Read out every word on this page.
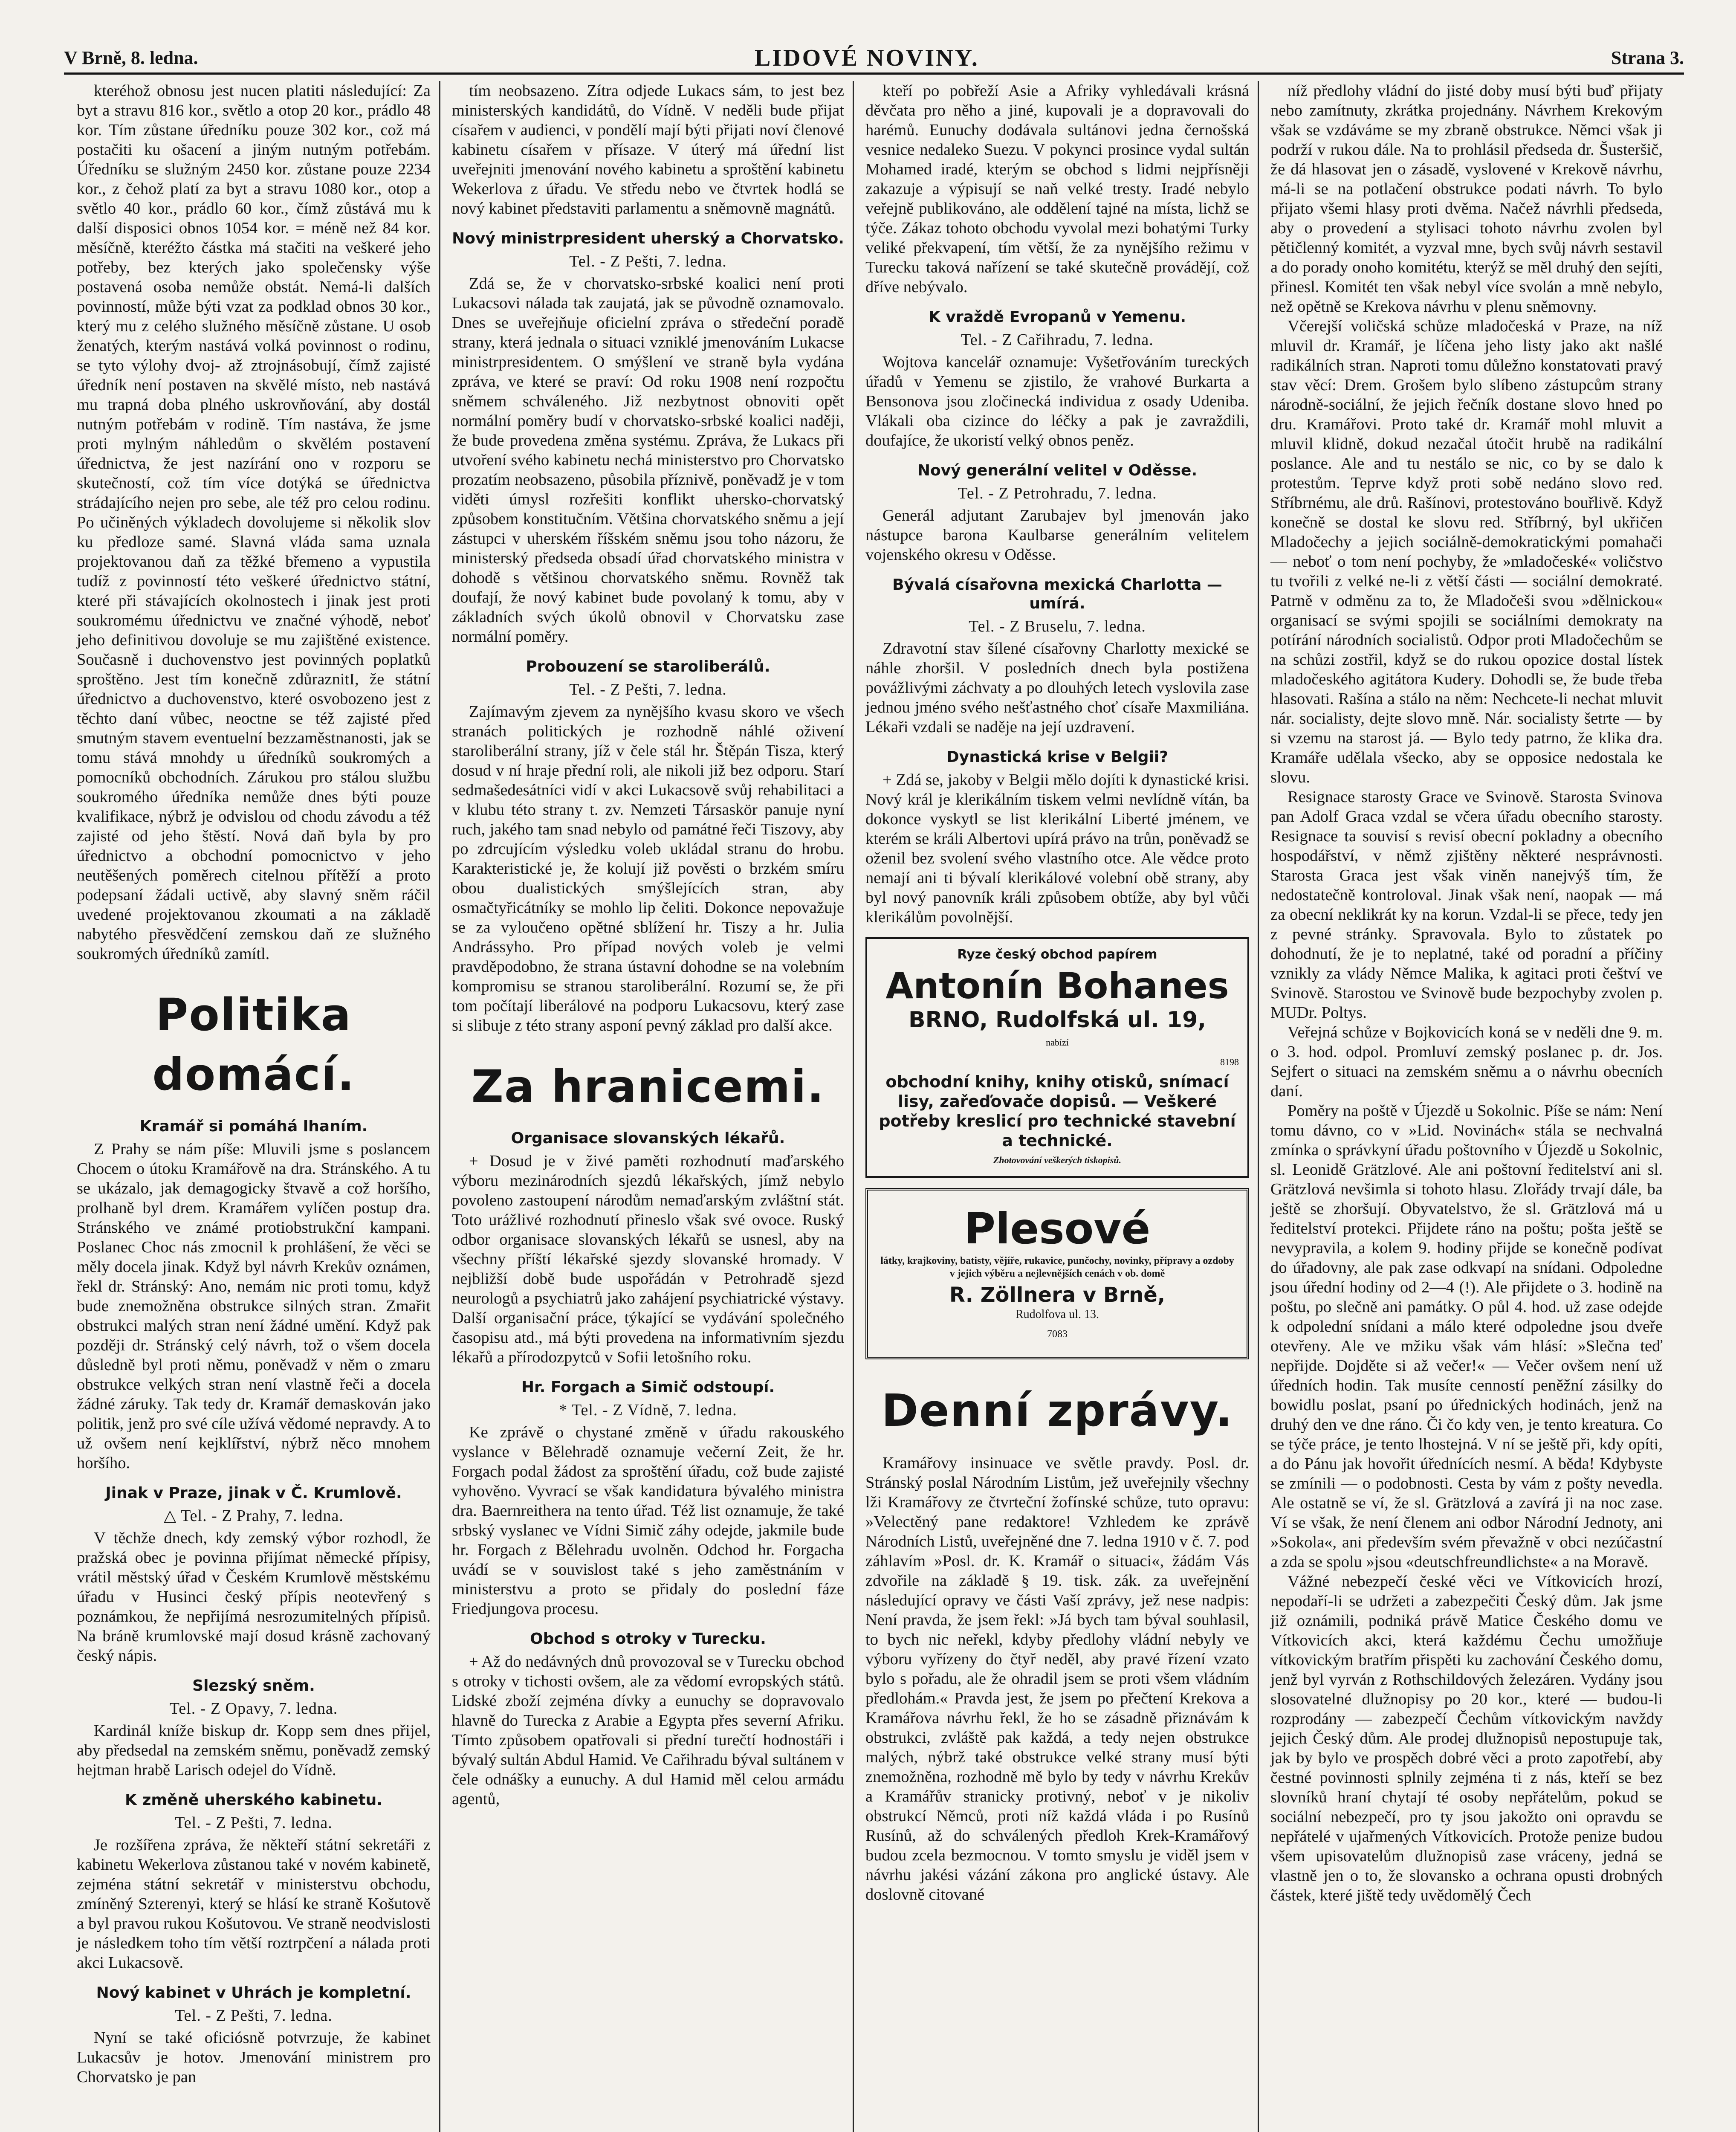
V Brně, 8. ledna.	LIDOVÉ NOVINY.	Strana 3.

kteréhož obnosu jest nucen platiti následující: Za byt a stravu 816 kor., světlo a otop 20 kor., prádlo 48 kor. Tím zůstane úředníku pouze 302 kor., což má postačiti ku ošacení a jiným nutným potřebám. Úředníku se služným 2450 kor. zůstane pouze 2234 kor., z čehož platí za byt a stravu 1080 kor., otop a světlo 40 kor., prádlo 60 kor., čímž zůstává mu k další disposici obnos 1054 kor. = méně než 84 kor. měsíčně, kteréžto částka má stačiti na veškeré jeho potřeby, bez kterých jako společensky výše postavená osoba nemůže obstát. Nemá-li dalších povinností, může býti vzat za podklad obnos 30 kor., který mu z celého služného měsíčně zůstane. U osob ženatých, kterým nastává volká povinnost o rodinu, se tyto výlohy dvoj- až ztrojnásobují, čímž zajisté úředník není postaven na skvělé místo, neb nastává mu trapná doba plného uskrovňování, aby dostál nutným potřebám v rodině. Tím nastáva, že jsme proti mylným náhledům o skvělém postavení úřednictva, že jest nazírání ono v rozporu se skutečností, což tím více dotýká se úřednictva strádajícího nejen pro sebe, ale též pro celou rodinu. Po učiněných výkladech dovolujeme si několik slov ku předloze samé. Slavná vláda sama uznala projektovanou daň za těžké břemeno a vypustila tudíž z povinností této veškeré úřednictvo státní, které při stávajících okolnostech i jinak jest proti soukromému úřednictvu ve značné výhodě, neboť jeho definitivou dovoluje se mu zajištěné existence. Současně i duchovenstvo jest povinných poplatků sproštěno. Jest tím konečně zdůraznitI, že státní úřednictvo a duchovenstvo, které osvobozeno jest z těchto daní vůbec, neoctne se též zajisté před smutným stavem eventuelní bezzaměstnanosti, jak se tomu stává mnohdy u úředníků soukromých a pomocníků obchodních. Zárukou pro stálou službu soukromého úředníka nemůže dnes býti pouze kvalifikace, nýbrž je odvislou od chodu závodu a též zajisté od jeho štěstí. Nová daň byla by pro úřednictvo a obchodní pomocnictvo v jeho neutěšených poměrech citelnou přítěží a proto podepsaní žádali uctivě, aby slavný sněm ráčil uvedené projektovanou zkoumati a na základě nabytého přesvědčení zemskou daň ze služného soukromých úředníků zamítl.

Politika domácí.
Kramář si pomáhá lhaním.

Z Prahy se nám píše: Mluvili jsme s poslancem Chocem o útoku Kramářově na dra. Stránského. A tu se ukázalo, jak demagogicky štvavě a což horšího, prolhaně byl drem. Kramářem vylíčen postup dra. Stránského ve známé protiobstrukční kampani. Poslanec Choc nás zmocnil k prohlášení, že věci se měly docela jinak. Když byl návrh Krekův oznámen, řekl dr. Stránský: Ano, nemám nic proti tomu, když bude znemožněna obstrukce silných stran. Zmařit obstrukci malých stran není žádné umění. Když pak později dr. Stránský celý návrh, tož o všem docela důsledně byl proti němu, poněvadž v něm o zmaru obstrukce velkých stran není vlastně řeči a docela žádné záruky. Tak tedy dr. Kramář demaskován jako politik, jenž pro své cíle užívá vědomé nepravdy. A to už ovšem není kejklířství, nýbrž něco mnohem horšího.

Jinak v Praze, jinak v Č. Krumlově.
△ Tel. - Z Prahy, 7. ledna.

V těchže dnech, kdy zemský výbor rozhodl, že pražská obec je povinna přijímat německé přípisy, vrátil městský úřad v Českém Krumlově městskému úřadu v Husinci český přípis neotevřený s poznámkou, že nepřijímá nesrozumitelných přípisů. Na bráně krumlovské mají dosud krásně zachovaný český nápis.

Slezský sněm.
Tel. - Z Opavy, 7. ledna.

Kardinál kníže biskup dr. Kopp sem dnes přijel, aby předsedal na zemském sněmu, poněvadž zemský hejtman hrabě Larisch odejel do Vídně.

K změně uherského kabinetu.
Tel. - Z Pešti, 7. ledna.

Je rozšířena zpráva, že někteří státní sekretáři z kabinetu Wekerlova zůstanou také v novém kabinetě, zejména státní sekretář v ministerstvu obchodu, zmíněný Szterenyi, který se hlásí ke straně Košutově a byl pravou rukou Košutovou. Ve straně neodvislosti je následkem toho tím větší roztrpčení a nálada proti akci Lukacsově.

Nový kabinet v Uhrách je kompletní.
Tel. - Z Pešti, 7. ledna.

Nyní se také oficiósně potvrzuje, že kabinet Lukacsův je hotov. Jmenování ministrem pro Chorvatsko je pan

tím neobsazeno. Zítra odjede Lukacs sám, to jest bez ministerských kandidátů, do Vídně. V neděli bude přijat císařem v audienci, v pondělí mají býti přijati noví členové kabinetu císařem v přísaze. V úterý má úřední list uveřejniti jmenování nového kabinetu a sproštění kabinetu Wekerlova z úřadu. Ve středu nebo ve čtvrtek hodlá se nový kabinet představiti parlamentu a sněmovně magnátů.

Nový ministrpresident uherský a Chorvatsko.
Tel. - Z Pešti, 7. ledna.

Zdá se, že v chorvatsko-srbské koalici není proti Lukacsovi nálada tak zaujatá, jak se původně oznamovalo. Dnes se uveřejňuje oficielní zpráva o středeční poradě strany, která jednala o situaci vzniklé jmenováním Lukacse ministrpresidentem. O smýšlení ve straně byla vydána zpráva, ve které se praví: Od roku 1908 není rozpočtu sněmem schváleného. Již nezbytnost obnoviti opět normální poměry budí v chorvatsko-srbské koalici naději, že bude provedena změna systému. Zpráva, že Lukacs při utvoření svého kabinetu nechá ministerstvo pro Chorvatsko prozatím neobsazeno, působila příznivě, poněvadž je v tom viděti úmysl rozřešiti konflikt uhersko-chorvatský způsobem konstitučním. Většina chorvatského sněmu a její zástupci v uherském říšském sněmu jsou toho názoru, že ministerský předseda obsadí úřad chorvatského ministra v dohodě s většinou chorvatského sněmu. Rovněž tak doufají, že nový kabinet bude povolaný k tomu, aby v základních svých úkolů obnovil v Chorvatsku zase normální poměry.

Probouzení se staroliberálů.
Tel. - Z Pešti, 7. ledna.

Zajímavým zjevem za nynějšího kvasu skoro ve všech stranách politických je rozhodně náhlé oživení staroliberální strany, jíž v čele stál hr. Štěpán Tisza, který dosud v ní hraje přední roli, ale nikoli již bez odporu. Starí sedmašedesátníci vidí v akci Lukacsově svůj rehabilitaci a v klubu této strany t. zv. Nemzeti Társaskör panuje nyní ruch, jakého tam snad nebylo od památné řeči Tiszovy, aby po zdrcujícím výsledku voleb ukládal stranu do hrobu. Karakteristické je, že kolují již pověsti o brzkém smíru obou dualistických smýšlejících stran, aby osmačtyřicátníky se mohlo lip čeliti. Dokonce nepovažuje se za vyloučeno opětné sblížení hr. Tiszy a hr. Julia Andrássyho. Pro případ nových voleb je velmi pravděpodobno, že strana ústavní dohodne se na volebním kompromisu se stranou staroliberální. Rozumí se, že při tom počítají liberálové na podporu Lukacsovu, který zase si slibuje z této strany asponí pevný základ pro další akce.

Za hranicemi.
Organisace slovanských lékařů.

+ Dosud je v živé paměti rozhodnutí maďarského výboru mezinárodních sjezdů lékařských, jímž nebylo povoleno zastoupení národům nemaďarským zvláštní stát. Toto urážlivé rozhodnutí přineslo však své ovoce. Ruský odbor organisace slovanských lékařů se usnesl, aby na všechny příští lékařské sjezdy slovanské hromady. V nejbližší době bude uspořádán v Petrohradě sjezd neurologů a psychiatrů jako zahájení psychiatrické výstavy. Další organisační práce, týkající se vydávání společného časopisu atd., má býti provedena na informativním sjezdu lékařů a přírodozpytců v Sofii letošního roku.

Hr. Forgach a Simič odstoupí.
* Tel. - Z Vídně, 7. ledna.

Ke zprávě o chystané změně v úřadu rakouského vyslance v Bělehradě oznamuje večerní Zeit, že hr. Forgach podal žádost za sproštění úřadu, což bude zajisté vyhověno. Vyvrací se však kandidatura bývalého ministra dra. Baernreithera na tento úřad. Též list oznamuje, že také srbský vyslanec ve Vídni Simič záhy odejde, jakmile bude hr. Forgach z Bělehradu uvolněn. Odchod hr. Forgacha uvádí se v souvislost také s jeho zaměstnáním v ministerstvu a proto se přidaly do poslední fáze Friedjungova procesu.

Obchod s otroky v Turecku.

+ Až do nedávných dnů provozoval se v Turecku obchod s otroky v tichosti ovšem, ale za vědomí evropských států. Lidské zboží zejména dívky a eunuchy se dopravovalo hlavně do Turecka z Arabie a Egypta přes severní Afriku. Tímto způsobem opatřovali si přední turečtí hodnostáři i bývalý sultán Abdul Hamid. Ve Cařihradu býval sultánem v čele odnášky a eunuchy. A dul Hamid měl celou armádu agentů,

kteří po pobřeží Asie a Afriky vyhledávali krásná děvčata pro něho a jiné, kupovali je a dopravovali do harémů. Eunuchy dodávala sultánovi jedna černošská vesnice nedaleko Suezu. V pokynci prosince vydal sultán Mohamed iradé, kterým se obchod s lidmi nejpřísněji zakazuje a výpisují se naň velké tresty. Iradé nebylo veřejně publikováno, ale oddělení tajné na místa, lichž se týče. Zákaz tohoto obchodu vyvolal mezi bohatými Turky veliké překvapení, tím větší, že za nynějšího režimu v Turecku taková nařízení se také skutečně provádějí, což dříve nebývalo.

K vraždě Evropanů v Yemenu.
Tel. - Z Cařihradu, 7. ledna.

Wojtova kancelář oznamuje: Vyšetřováním tureckých úřadů v Yemenu se zjistilo, že vrahové Burkarta a Bensonova jsou zločinecká individua z osady Udeniba. Vlákali oba cizince do léčky a pak je zavraždili, doufajíce, že ukoristí velký obnos peněz.

Nový generální velitel v Oděsse.
Tel. - Z Petrohradu, 7. ledna.

Generál adjutant Zarubajev byl jmenován jako nástupce barona Kaulbarse generálním velitelem vojenského okresu v Oděsse.

Bývalá císařovna mexická Charlotta — umírá.
Tel. - Z Bruselu, 7. ledna.

Zdravotní stav šílené císařovny Charlotty mexické se náhle zhoršil. V posledních dnech byla postižena povážlivými záchvaty a po dlouhých letech vyslovila zase jednou jméno svého nešťastného choť císaře Maxmiliána. Lékaři vzdali se naděje na její uzdravení.

Dynastická krise v Belgii?

+ Zdá se, jakoby v Belgii mělo dojíti k dynastické krisi. Nový král je klerikálním tiskem velmi nevlídně vítán, ba dokonce vyskytl se list klerikální Liberté jménem, ve kterém se králi Albertovi upírá právo na trůn, poněvadž se oženil bez svolení svého vlastního otce. Ale vědce proto nemají ani ti bývalí klerikálové volební obě strany, aby byl nový panovník králi způsobem obtíže, aby byl vůči klerikálům povolnější.

Ryze český obchod papírem
Antonín Bohanes
BRNO, Rudolfská ul. 19,
nabízí
8198
obchodní knihy, knihy otisků, snímací lisy, zařeďovače dopisů. — Veškeré potřeby kreslicí pro technické stavební a technické.
Zhotovování veškerých tiskopisů.
Plesové
látky, krajkoviny, batisty, vějíře, rukavice, punčochy, novinky, přípravy a ozdoby v jejich výběru a nejlevnějších cenách v ob. domě
R. Zöllnera v Brně,
Rudolfova ul. 13.
7083
Denní zprávy.

Kramářovy insinuace ve světle pravdy. Posl. dr. Stránský poslal Národním Listům, jež uveřejnily všechny lži Kramářovy ze čtvrteční žofínské schůze, tuto opravu: »Velectěný pane redaktore! Vzhledem ke zprávě Národních Listů, uveřejněné dne 7. ledna 1910 v č. 7. pod záhlavím »Posl. dr. K. Kramář o situaci«, žádám Vás zdvořile na základě § 19. tisk. zák. za uveřejnění následující opravy ve části Vaší zprávy, jež nese nadpis: Není pravda, že jsem řekl: »Já bych tam býval souhlasil, to bych nic neřekl, kdyby předlohy vládní nebyly ve výboru vyřízeny do čtyř neděl, aby pravé řízení vzato bylo s pořadu, ale že ohradil jsem se proti všem vládním předlohám.« Pravda jest, že jsem po přečtení Krekova a Kramářova návrhu řekl, že ho se zásadně přiznávám k obstrukci, zvláště pak každá, a tedy nejen obstrukce malých, nýbrž také obstrukce velké strany musí býti znemožněna, rozhodně mě bylo by tedy v návrhu Krekův a Kramářův stranicky protivný, neboť v je nikoliv obstrukcí Němců, proti níž každá vláda i po Rusínů Rusínů, až do schválených předloh Krek-Kramářový budou zcela bezmocnou. V tomto smyslu je viděl jsem v návrhu jakési vázání zákona pro anglické ústavy. Ale doslovně citované

níž předlohy vládní do jisté doby musí býti buď přijaty nebo zamítnuty, zkrátka projednány. Návrhem Krekovým však se vzdáváme se my zbraně obstrukce. Němci však ji podrží v rukou dále. Na to prohlásil předseda dr. Šusteršič, že dá hlasovat jen o zásadě, vyslovené v Krekově návrhu, má-li se na potlačení obstrukce podati návrh. To bylo přijato všemi hlasy proti dvěma. Načež návrhli předseda, aby o provedení a stylisaci tohoto návrhu zvolen byl pětičlenný komitét, a vyzval mne, bych svůj návrh sestavil a do porady onoho komitétu, kterýž se měl druhý den sejíti, přinesl. Komitét ten však nebyl více svolán a mně nebylo, než opětně se Krekova návrhu v plenu sněmovny.

Včerejší voličská schůze mladočeská v Praze, na níž mluvil dr. Kramář, je líčena jeho listy jako akt našlé radikálních stran. Naproti tomu důležno konstatovati pravý stav věcí: Drem. Grošem bylo slíbeno zástupcům strany národně-sociální, že jejich řečník dostane slovo hned po dru. Kramářovi. Proto také dr. Kramář mohl mluvit a mluvil klidně, dokud nezačal útočit hrubě na radikální poslance. Ale and tu nestálo se nic, co by se dalo k protestům. Teprve když proti sobě nedáno slovo red. Stříbrnému, ale drů. Rašínovi, protestováno bouřlivě. Když konečně se dostal ke slovu red. Stříbrný, byl ukřičen Mladočechy a jejich sociálně-demokratickými pomahači — neboť o tom není pochyby, že »mladočeské« voličstvo tu tvořili z velké ne-li z větší části — sociální demokraté. Patrně v odměnu za to, že Mladočeši svou »dělnickou« organisací se svými spojili se sociálními demokraty na potírání národních socialistů. Odpor proti Mladočechům se na schůzi zostřil, když se do rukou opozice dostal lístek mladočeského agitátora Kudery. Dohodli se, že bude třeba hlasovati. Rašína a stálo na něm: Nechcete-li nechat mluvit nár. socialisty, dejte slovo mně. Nár. socialisty šetrte — by si vzemu na starost já. — Bylo tedy patrno, že klika dra. Kramáře udělala všecko, aby se opposice nedostala ke slovu.

Resignace starosty Grace ve Svinově. Starosta Svinova pan Adolf Graca vzdal se včera úřadu obecního starosty. Resignace ta souvisí s revisí obecní pokladny a obecního hospodářství, v němž zjištěny některé nesprávnosti. Starosta Graca jest však viněn nanejvýš tím, že nedostatečně kontroloval. Jinak však není, naopak — má za obecní neklikrát ky na korun. Vzdal-li se přece, tedy jen z pevné stránky. Spravovala. Bylo to zůstatek po dohodnutí, že je to neplatné, také od poradní a příčiny vznikly za vlády Němce Malika, k agitaci proti češtví ve Svinově. Starostou ve Svinově bude bezpochyby zvolen p. MUDr. Poltys.

Veřejná schůze v Bojkovicích koná se v neděli dne 9. m. o 3. hod. odpol. Promluví zemský poslanec p. dr. Jos. Sejfert o situaci na zemském sněmu a o návrhu obecních daní.

Poměry na poště v Újezdě u Sokolnic. Píše se nám: Není tomu dávno, co v »Lid. Novinách« stála se nechvalná zmínka o správkyní úřadu poštovního v Újezdě u Sokolnic, sl. Leonidě Grätzlové. Ale ani poštovní ředitelství ani sl. Grätzlová nevšimla si tohoto hlasu. Zlořády trvají dále, ba ještě se zhoršují. Obyvatelstvo, že sl. Grätzlová má u ředitelství protekci. Přijdete ráno na poštu; pošta ještě se nevypravila, a kolem 9. hodiny přijde se konečně podívat do úřadovny, ale pak zase odkvapí na snídani. Odpoledne jsou úřední hodiny od 2—4 (!). Ale přijdete o 3. hodině na poštu, po slečně ani památky. O půl 4. hod. už zase odejde k odpolední snídani a málo které odpoledne jsou dveře otevřeny. Ale ve mžiku však vám hlásí: »Slečna teď nepřijde. Dojděte si až večer!« — Večer ovšem není už úředních hodin. Tak musíte cenností peněžní zásilky do bowidlu poslat, psaní po úřednických hodinách, jenž na druhý den ve dne ráno. Či čo kdy ven, je tento kreatura. Co se týče práce, je tento lhostejná. V ní se ještě při, kdy opíti, a do Pánu jak hovořit úřednících nesmí. A běda! Kdybyste se zmínili — o podobnosti. Cesta by vám z pošty nevedla. Ale ostatně se ví, že sl. Grätzlová a zavírá ji na noc zase. Ví se však, že není členem ani odbor Národní Jednoty, ani »Sokola«, ani především svém převažně v obci nezúčastní a zda se spolu »jsou «deutschfreundlichste« a na Moravě.

Vážné nebezpečí české věci ve Vítkovicích hrozí, nepodaří-li se udržeti a zabezpečiti Český dům. Jak jsme již oznámili, podniká právě Matice Českého domu ve Vítkovicích akci, která každému Čechu umožňuje vítkovickým bratřím přispěti ku zachování Českého domu, jenž byl vyrván z Rothschildových železáren. Vydány jsou slosovatelné dlužnopisy po 20 kor., které — budou-li rozprodány — zabezpečí Čechům vítkovickým navždy jejich Český dům. Ale prodej dlužnopisů nepostupuje tak, jak by bylo ve prospěch dobré věci a proto zapotřebí, aby čestné povinnosti splnily zejména ti z nás, kteří se bez slovníků hraní chytají té osoby nepřátelům, pokud se sociální nebezpečí, pro ty jsou jakožto oni opravdu se nepřátelé v ujařmených Vítkovicích. Protože penize budou všem upisovatelům dlužnopisů zase vráceny, jedná se vlastně jen o to, že slovansko a ochrana opusti drobných částek, které jiště tedy uvědomělý Čech
